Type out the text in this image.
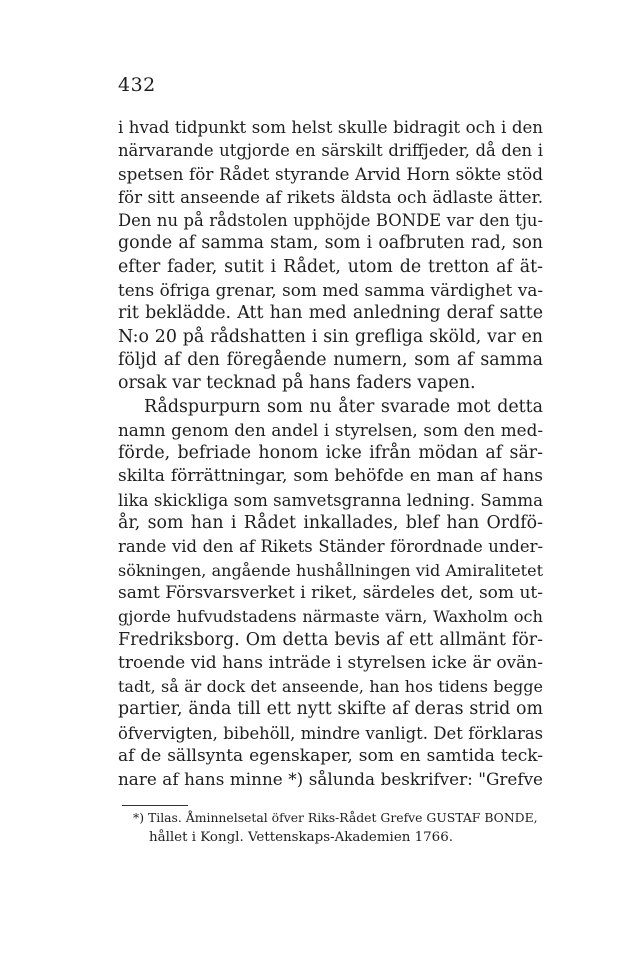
432
i hvad tidpunkt som helst skulle bidragit och i den
närvarande utgjorde en särskilt driffjeder, då den i
spetsen för Rådet styrande Arvid Horn sökte stöd
för sitt anseende af rikets äldsta och ädlaste ätter.
Den nu på rådstolen upphöjde BONDE var den tju-
gonde af samma stam, som i oafbruten rad, son
efter fader, sutit i Rådet, utom de tretton af ät-
tens öfriga grenar, som med samma värdighet va-
rit beklädde. Att han med anledning deraf satte
N:o 20 på rådshatten i sin grefliga sköld, var en
följd af den föregående numern, som af samma
orsak var tecknad på hans faders vapen.
Rådspurpurn som nu åter svarade mot detta
namn genom den andel i styrelsen, som den med-
förde, befriade honom icke ifrån mödan af sär-
skilta förrättningar, som behöfde en man af hans
lika skickliga som samvetsgranna ledning. Samma
år, som han i Rådet inkallades, blef han Ordfö-
rande vid den af Rikets Ständer förordnade under-
sökningen, angående hushållningen vid Amiralitetet
samt Försvarsverket i riket, särdeles det, som ut-
gjorde hufvudstadens närmaste värn, Waxholm och
Fredriksborg. Om detta bevis af ett allmänt för-
troende vid hans inträde i styrelsen icke är ovän-
tadt, så är dock det anseende, han hos tidens begge
partier, ända till ett nytt skifte af deras strid om
öfvervigten, bibehöll, mindre vanligt. Det förklaras
af de sällsynta egenskaper, som en samtida teck-
nare af hans minne *) sålunda beskrifver: "Grefve
*) Tilas. Åminnelsetal öfver Riks-Rådet Grefve GUSTAF BONDE,
hållet i Kongl. Vettenskaps-Akademien 1766.
